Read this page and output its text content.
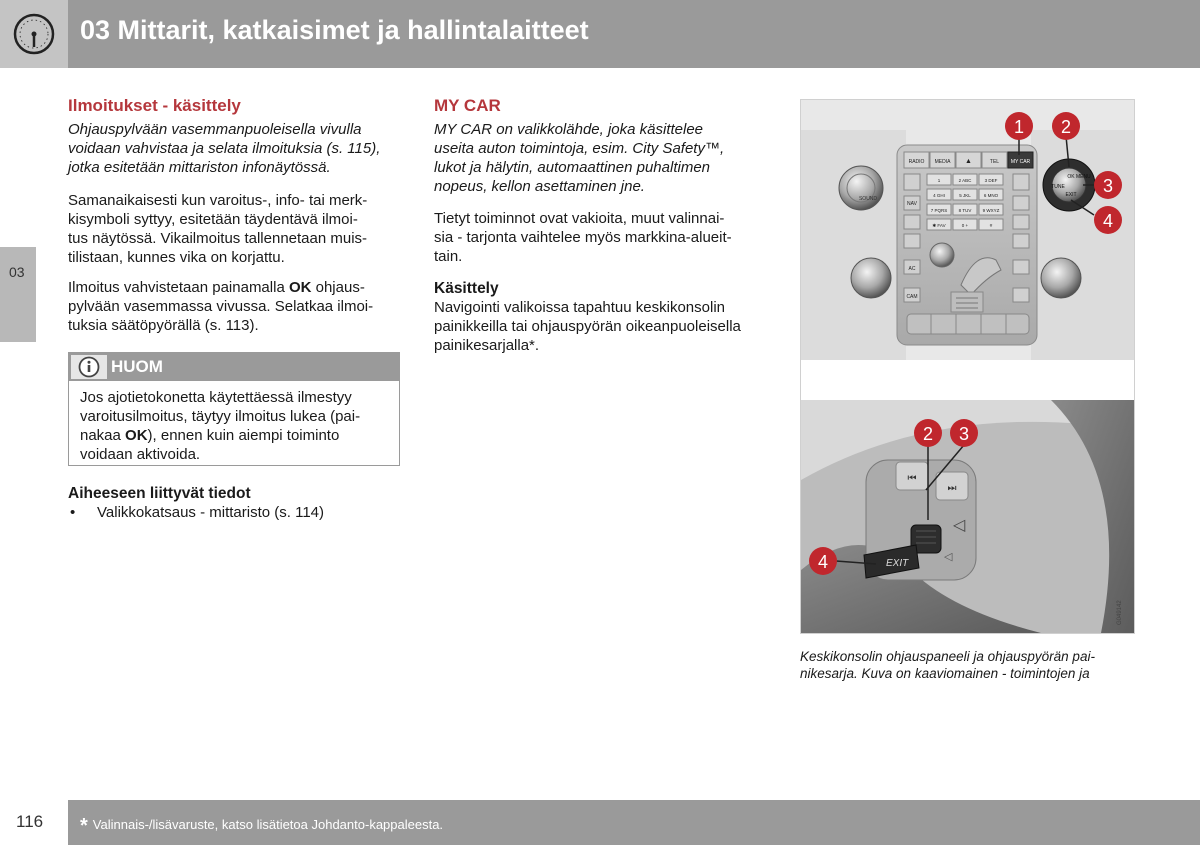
03 Mittarit, katkaisimet ja hallintalaitteet
03

Ilmoitukset - käsittely

Ohjauspylvään vasemmanpuoleisella vivulla

voidaan vahvistaa ja selata ilmoituksia (s. 115),

jotka esitetään mittariston infonäytössä.

Samanaikaisesti kun varoitus-, info- tai merk-

kisymboli syttyy, esitetään täydentävä ilmoi-

tus näytössä. Vikailmoitus tallennetaan muis-

tilistaan, kunnes vika on korjattu.

Ilmoitus vahvistetaan painamalla OK ohjaus-

pylvään vasemmassa vivussa. Selatkaa ilmoi-

tuksia säätöpyörällä (s. 113).

HUOM

Jos ajotietokonetta käytettäessä ilmestyy

varoitusilmoitus, täytyy ilmoitus lukea (pai-

nakaa OK), ennen kuin aiempi toiminto

voidaan aktivoida.

Aiheeseen liittyvät tiedot

• Valikkokatsaus - mittaristo (s. 114)

MY CAR

MY CAR on valikkolähde, joka käsittelee

useita auton toimintoja, esim. City Safety™,

lukot ja hälytin, automaattinen puhaltimen

nopeus, kellon asettaminen jne.

Tietyt toiminnot ovat vakioita, muut valinnai-

sia - tarjonta vaihtelee myös markkina-alueit-

tain.

Käsittely

Navigointi valikoissa tapahtuu keskikonsolin

painikkeilla tai ohjauspyörän oikeanpuoleisella

painikesarjalla*.

RADIO MEDIA ▲	TEL MY CAR
NAV
AC
CAM
1	2 ABC	3 DEF
4 GHI	5 JKL	6 MNO
7 PQRS	8 TUV	9 WXYZ
✱ FAV	0 +	#
SOUND
OK MENU
TUNE
EXIT
1 2
3
4
⏮
⏭
◁
◁
EXIT
2 3
4
G049142
Keskikonsolin ohjauspaneeli ja ohjauspyörän pai-
nikesarja. Kuva on kaaviomainen - toimintojen ja
* Valinnais-/lisävaruste, katso lisätietoa Johdanto-kappaleesta.
116
